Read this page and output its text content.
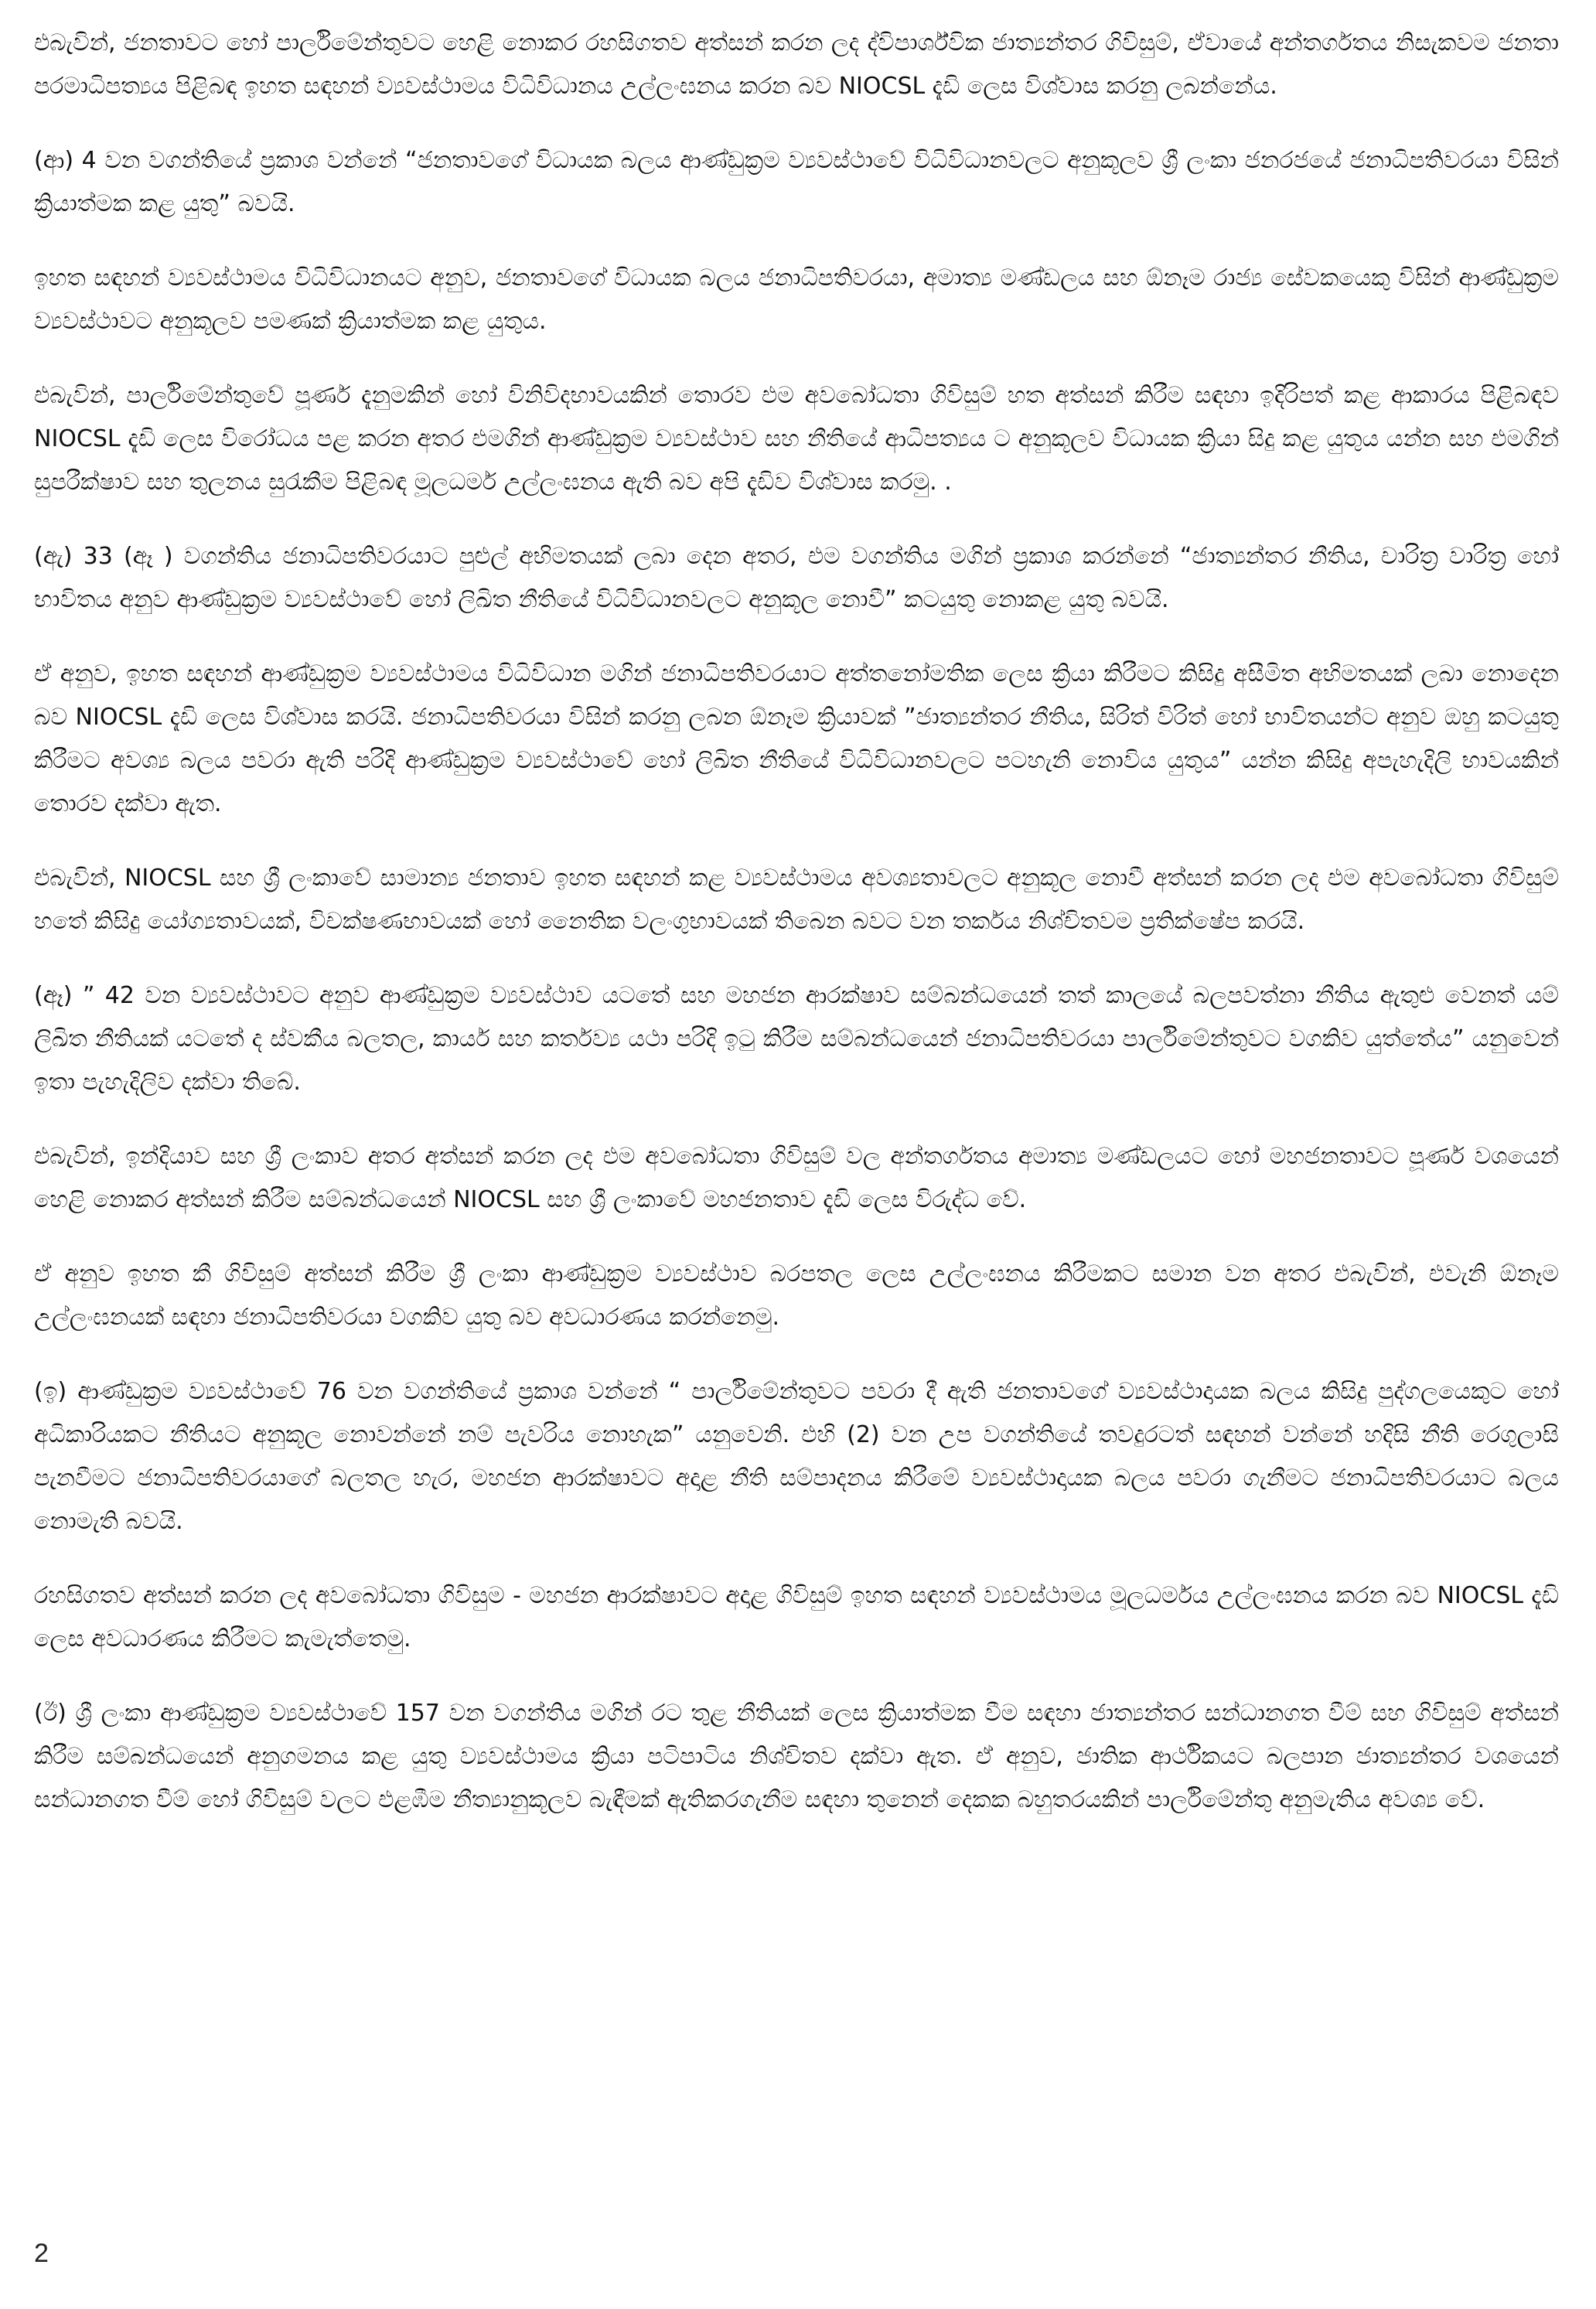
එබැවින්, ජනතාවට හෝ පාර්ලිමේන්තුවට හෙළි නොකර රහසිගතව අත්සන් කරන ලද ද්විපාර්ශ්වික ජාත්‍යන්තර ගිවිසුම්, ඒවායේ අන්තර්ගතය නිසැකවම ජනතා පරමාධිපත්‍යය පිළිබඳ ඉහත සඳහන් ව්‍යවස්ථාමය විධිවිධානය උල්ලංඝනය කරන බව NIOCSL දැඩි ලෙස විශ්වාස කරනු ලබන්නේය.

(ආ) 4 වන වගන්තියේ ප්‍රකාශ වන්නේ “ජනතාවගේ විධායක බලය ආණ්ඩුක්‍රම ව්‍යවස්ථාවේ විධිවිධානවලට අනුකූලව ශ්‍රී ලංකා ජනරජයේ ජනාධිපතිවරයා විසින් ක්‍රියාත්මක කළ යුතු” බවයි.

ඉහත සඳහන් ව්‍යවස්ථාමය විධිවිධානයට අනුව, ජනතාවගේ විධායක බලය ජනාධිපතිවරයා, අමාත්‍ය මණ්ඩලය සහ ඕනෑම රාජ්‍ය සේවකයෙකු විසින් ආණ්ඩුක්‍රම ව්‍යවස්ථාවට අනුකූලව පමණක් ක්‍රියාත්මක කළ යුතුය.

එබැවින්, පාර්ලිමේන්තුවේ පූර්ණ දැනුමකින් හෝ විනිවිදභාවයකින් තොරව එම අවබෝධතා ගිවිසුම් හත අත්සන් කිරීම සඳහා ඉදිරිපත් කළ ආකාරය පිළිබඳව NIOCSL දැඩි ලෙස විරෝධය පළ කරන අතර එමගින් ආණ්ඩුක්‍රම ව්‍යවස්ථාව සහ නීතියේ ආධිපත්‍යය ට අනුකූලව විධායක ක්‍රියා සිදු කළ යුතුය යන්න සහ එමගින් සුපරීක්ෂාව සහ තුලනය සුරැකීම පිළිබඳ මූලධර්ම උල්ලංඝනය ඇති බව අපි දැඩිව විශ්වාස කරමු. .

(ඇ) 33 (ඈ ) වගන්තිය ජනාධිපතිවරයාට පුළුල් අභිමතයක් ලබා දෙන අතර, එම වගන්තිය මගින් ප්‍රකාශ කරන්නේ “ජාත්‍යන්තර නීතිය, චාරිත්‍ර වාරිත්‍ර හෝ භාවිතය අනුව ආණ්ඩුක්‍රම ව්‍යවස්ථාවේ හෝ ලිඛිත නීතියේ විධිවිධානවලට අනුකූල නොවී” කටයුතු නොකළ යුතු බවයි.

ඒ අනුව, ඉහත සඳහන් ආණ්ඩුක්‍රම ව්‍යවස්ථාමය විධිවිධාන මගින් ජනාධිපතිවරයාට අත්තනෝමතික ලෙස ක්‍රියා කිරීමට කිසිදු අසීමිත අභිමතයක් ලබා නොදෙන බව NIOCSL දැඩි ලෙස විශ්වාස කරයි. ජනාධිපතිවරයා විසින් කරනු ලබන ඕනෑම ක්‍රියාවක් ”ජාත්‍යන්තර නීතිය, සිරිත් විරිත් හෝ භාවිතයන්ට අනුව ඔහු කටයුතු කිරීමට අවශ්‍ය බලය පවරා ඇති පරිදි ආණ්ඩුක්‍රම ව්‍යවස්ථාවේ හෝ ලිඛිත නීතියේ විධිවිධානවලට පටහැනි නොවිය යුතුය” යන්න කිසිදු අපැහැදිලි භාවයකින් තොරව දක්වා ඇත.

එබැවින්, NIOCSL සහ ශ්‍රී ලංකාවේ සාමාන්‍ය ජනතාව ඉහත සඳහන් කළ ව්‍යවස්ථාමය අවශ්‍යතාවලට අනුකූල නොවී අත්සන් කරන ලද එම අවබෝධතා ගිවිසුම් හතේ කිසිදු යෝග්‍යතාවයක්, විචක්ෂණභාවයක් හෝ නෛතික වලංගුභාවයක් තිබෙන බවට වන තර්කය නිශ්චිතවම ප්‍රතික්ෂේප කරයි.

(ඈ) ” 42 වන ව්‍යවස්ථාවට අනුව ආණ්ඩුක්‍රම ව්‍යවස්ථාව යටතේ සහ මහජන ආරක්ෂාව සම්බන්ධයෙන් තත් කාලයේ බලපවත්නා නීතිය ඇතුළු වෙනත් යම් ලිඛිත නීතියක් යටතේ ද ස්වකීය බලතල, කාර්ය සහ කර්තව්‍ය යථා පරිදි ඉටු කිරීම සම්බන්ධයෙන් ජනාධිපතිවරයා පාර්ලිමේන්තුවට වගකිව යුත්තේය” යනුවෙන් ඉතා පැහැදිලිව දක්වා තිබේ.

එබැවින්, ඉන්දියාව සහ ශ්‍රී ලංකාව අතර අත්සන් කරන ලද එම අවබෝධතා ගිවිසුම් වල අන්තර්ගතය අමාත්‍ය මණ්ඩලයට හෝ මහජනතාවට පූර්ණ වශයෙන් හෙළි නොකර අත්සන් කිරීම සම්බන්ධයෙන් NIOCSL සහ ශ්‍රී ලංකාවේ මහජනතාව දැඩි ලෙස විරුද්ධ වේ.

ඒ අනුව ඉහත කී ගිවිසුම් අත්සන් කිරීම ශ්‍රී ලංකා ආණ්ඩුක්‍රම ව්‍යවස්ථාව බරපතල ලෙස උල්ලංඝනය කිරීමකට සමාන වන අතර එබැවින්, එවැනි ඕනෑම උල්ලංඝනයක් සඳහා ජනාධිපතිවරයා වගකිව යුතු බව අවධාරණය කරන්නෙමු.

(ඉ) ආණ්ඩුක්‍රම ව්‍යවස්ථාවේ 76 වන වගන්තියේ ප්‍රකාශ වන්නේ “ පාර්ලිමේන්තුවට පවරා දී ඇති ජනතාවගේ ව්‍යවස්ථාදායක බලය කිසිදු පුද්ගලයෙකුට හෝ අධිකාරියකට නීතියට අනුකූල නොවන්නේ නම් පැවරිය නොහැක” යනුවෙනි. එහි (2) වන උප වගන්තියේ තවදුරටත් සඳහන් වන්නේ හදිසි නීති රෙගුලාසි පැනවීමට ජනාධිපතිවරයාගේ බලතල හැර, මහජන ආරක්ෂාවට අදාළ නීති සම්පාදනය කිරීමේ ව්‍යවස්ථාදායක බලය පවරා ගැනීමට ජනාධිපතිවරයාට බලය නොමැති බවයි.

රහසිගතව අත්සන් කරන ලද අවබෝධතා ගිවිසුම - මහජන ආරක්ෂාවට අදාළ ගිවිසුම් ඉහත සඳහන් ව්‍යවස්ථාමය මූලධර්මය උල්ලංඝනය කරන බව NIOCSL දැඩි ලෙස අවධාරණය කිරීමට කැමැත්තෙමු.

(ඊ) ශ්‍රී ලංකා ආණ්ඩුක්‍රම ව්‍යවස්ථාවේ 157 වන වගන්තිය මගින් රට තුළ නීතියක් ලෙස ක්‍රියාත්මක වීම සඳහා ජාත්‍යන්තර සන්ධානගත වීම් සහ ගිවිසුම් අත්සන් කිරීම සම්බන්ධයෙන් අනුගමනය කළ යුතු ව්‍යවස්ථාමය ක්‍රියා පටිපාටිය නිශ්චිතව දක්වා ඇත. ඒ අනුව, ජාතික ආර්ථිකයට බලපාන ජාත්‍යන්තර වශයෙන් සන්ධානගත වීම් හෝ ගිවිසුම් වලට එළඹීම නීත්‍යානුකූලව බැඳීමක් ඇතිකරගැනීම සඳහා තුනෙන් දෙකක බහුතරයකින් පාර්ලිමේන්තු අනුමැතිය අවශ්‍ය වේ.

2
